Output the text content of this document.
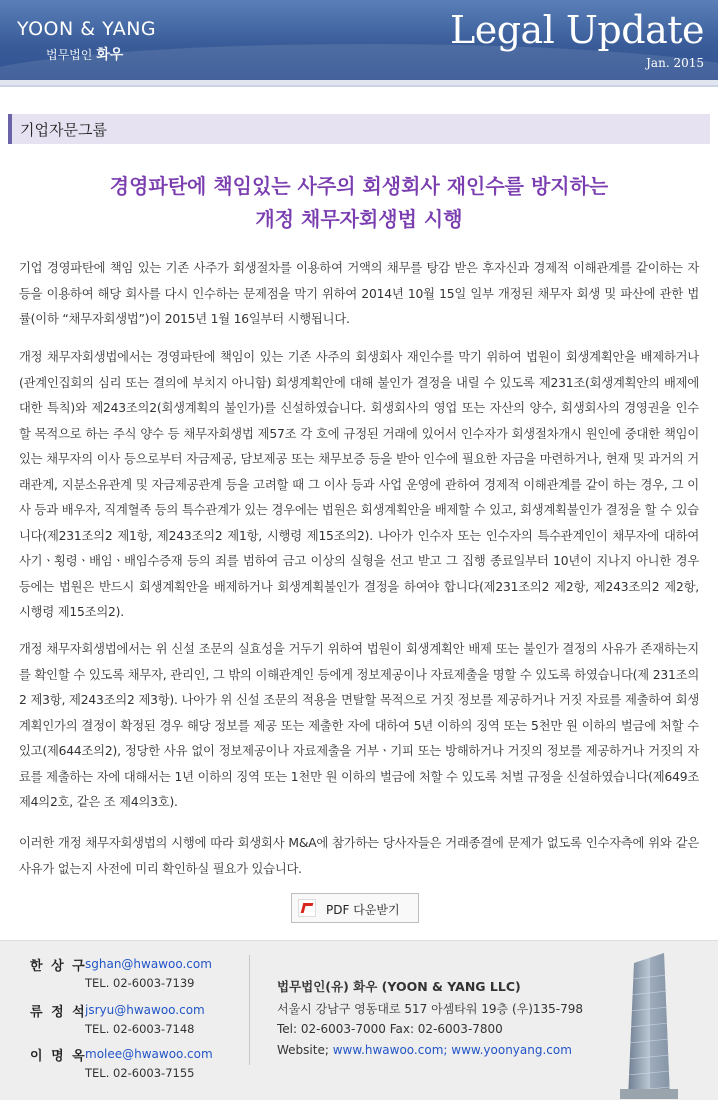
YOON & YANG
법무법인 화우
Legal Update
Jan. 2015
기업자문그룹
경영파탄에 책임있는 사주의 회생회사 재인수를 방지하는
개정 채무자회생법 시행
기업 경영파탄에 책임 있는 기존 사주가 회생절차를 이용하여 거액의 채무를 탕감 받은 후자신과 경제적 이해관계를 같이하는 자 등을 이용하여 해당 회사를 다시 인수하는 문제점을 막기 위하여 2014년 10월 15일 일부 개정된 채무자 회생 및 파산에 관한 법률(이하 “채무자회생법”)이 2015년 1월 16일부터 시행됩니다.
개정 채무자회생법에서는 경영파탄에 책임이 있는 기존 사주의 회생회사 재인수를 막기 위하여 법원이 회생계획안을 배제하거나(관계인집회의 심리 또는 결의에 부치지 아니함) 회생계획안에 대해 불인가 결정을 내릴 수 있도록 제231조(회생계획안의 배제에 대한 특칙)와 제243조의2(회생계획의 불인가)를 신설하였습니다. 회생회사의 영업 또는 자산의 양수, 회생회사의 경영권을 인수할 목적으로 하는 주식 양수 등 채무자회생법 제57조 각 호에 규정된 거래에 있어서 인수자가 회생절차개시 원인에 중대한 책임이 있는 채무자의 이사 등으로부터 자금제공, 담보제공 또는 채무보증 등을 받아 인수에 필요한 자금을 마련하거나, 현재 및 과거의 거래관계, 지분소유관계 및 자금제공관계 등을 고려할 때 그 이사 등과 사업 운영에 관하여 경제적 이해관계를 같이 하는 경우, 그 이사 등과 배우자, 직계혈족 등의 특수관계가 있는 경우에는 법원은 회생계획안을 배제할 수 있고, 회생계획불인가 결정을 할 수 있습니다(제231조의2 제1항, 제243조의2 제1항, 시행령 제15조의2). 나아가 인수자 또는 인수자의 특수관계인이 채무자에 대하여 사기ㆍ횡령ㆍ배임ㆍ배임수증재 등의 죄를 범하여 금고 이상의 실형을 선고 받고 그 집행 종료일부터 10년이 지나지 아니한 경우 등에는 법원은 반드시 회생계획안을 배제하거나 회생계획불인가 결정을 하여야 합니다(제231조의2 제2항, 제243조의2 제2항, 시행령 제15조의2).
개정 채무자회생법에서는 위 신설 조문의 실효성을 거두기 위하여 법원이 회생계획안 배제 또는 불인가 결정의 사유가 존재하는지를 확인할 수 있도록 채무자, 관리인, 그 밖의 이해관계인 등에게 정보제공이나 자료제출을 명할 수 있도록 하였습니다(제 231조의2 제3항, 제243조의2 제3항). 나아가 위 신설 조문의 적용을 면탈할 목적으로 거짓 정보를 제공하거나 거짓 자료를 제출하여 회생계획인가의 결정이 확정된 경우 해당 정보를 제공 또는 제출한 자에 대하여 5년 이하의 징역 또는 5천만 원 이하의 벌금에 처할 수 있고(제644조의2), 정당한 사유 없이 정보제공이나 자료제출을 거부ㆍ기피 또는 방해하거나 거짓의 정보를 제공하거나 거짓의 자료를 제출하는 자에 대해서는 1년 이하의 징역 또는 1천만 원 이하의 벌금에 처할 수 있도록 처벌 규정을 신설하였습니다(제649조 제4의2호, 같은 조 제4의3호).
이러한 개정 채무자회생법의 시행에 따라 회생회사 M&A에 참가하는 당사자들은 거래종결에 문제가 없도록 인수자측에 위와 같은 사유가 없는지 사전에 미리 확인하실 필요가 있습니다.
PDF 다운받기
한 상 구
sghan@hwawoo.com
TEL. 02-6003-7139
류 정 석
jsryu@hwawoo.com
TEL. 02-6003-7148
이 명 옥
molee@hwawoo.com
TEL. 02-6003-7155
법무법인(유) 화우 (YOON & YANG LLC)
서울시 강남구 영동대로 517 아셈타워 19층 (우)135-798
Tel: 02-6003-7000 Fax: 02-6003-7800
Website; www.hwawoo.com; www.yoonyang.com
